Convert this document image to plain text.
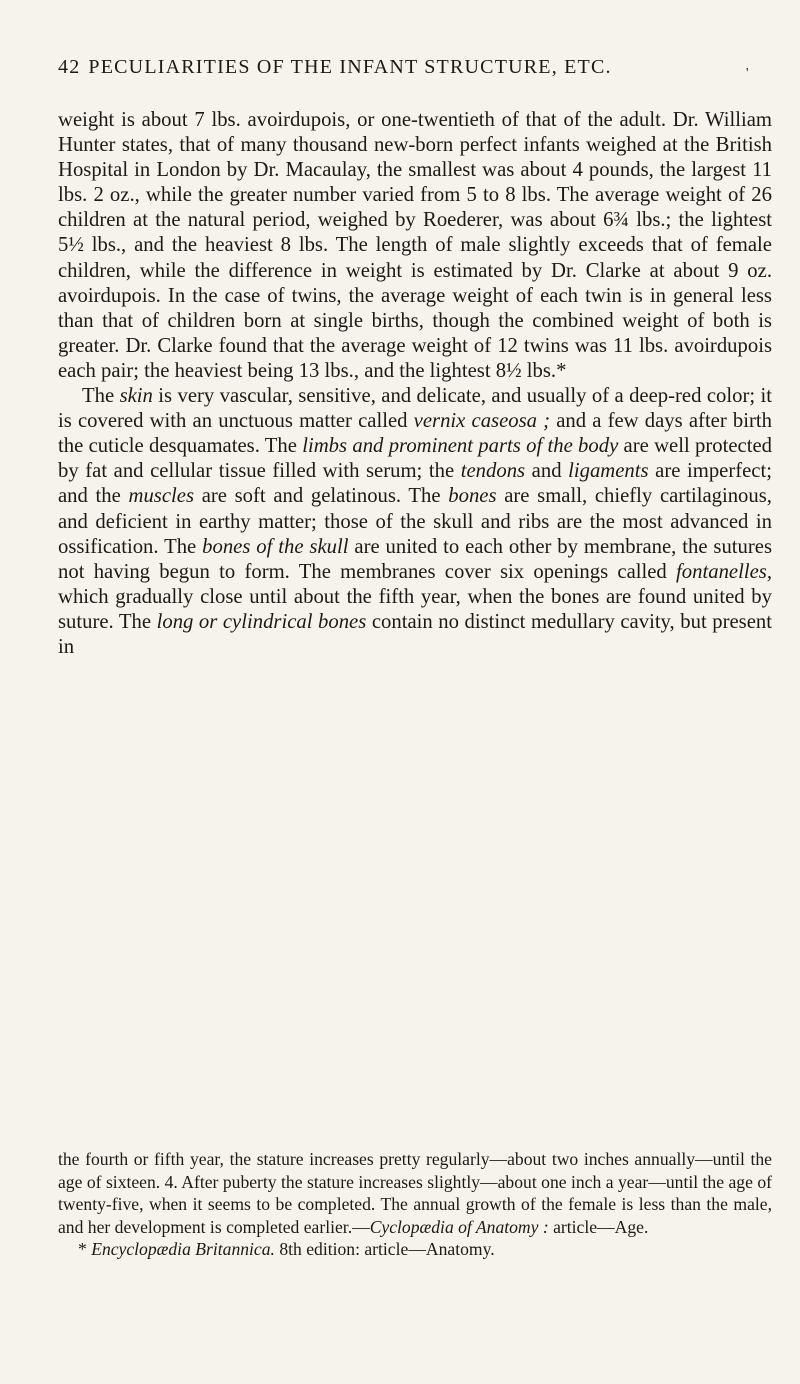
42 PECULIARITIES OF THE INFANT STRUCTURE, ETC.	'

weight is about 7 lbs. avoirdupois, or one-twentieth of that of the adult. Dr. William Hunter states, that of many thousand new-born perfect infants weighed at the British Hospital in London by Dr. Macaulay, the smallest was about 4 pounds, the largest 11 lbs. 2 oz., while the greater number varied from 5 to 8 lbs. The average weight of 26 children at the natural period, weighed by Roederer, was about 6¾ lbs.; the lightest 5½ lbs., and the heaviest 8 lbs. The length of male slightly exceeds that of female children, while the difference in weight is estimated by Dr. Clarke at about 9 oz. avoirdupois. In the case of twins, the average weight of each twin is in general less than that of children born at single births, though the combined weight of both is greater. Dr. Clarke found that the average weight of 12 twins was 11 lbs. avoirdupois each pair; the heaviest being 13 lbs., and the lightest 8½ lbs.*

The skin is very vascular, sensitive, and delicate, and usually of a deep-red color; it is covered with an unctuous matter called vernix caseosa ; and a few days after birth the cuticle desquamates. The limbs and prominent parts of the body are well protected by fat and cellular tissue filled with serum; the tendons and ligaments are imperfect; and the muscles are soft and gelatinous. The bones are small, chiefly cartilaginous, and deficient in earthy matter; those of the skull and ribs are the most advanced in ossification. The bones of the skull are united to each other by membrane, the sutures not having begun to form. The membranes cover six openings called fontanelles, which gradually close until about the fifth year, when the bones are found united by suture. The long or cylindrical bones contain no distinct medullary cavity, but present in

the fourth or fifth year, the stature increases pretty regularly—about two inches annually—until the age of sixteen. 4. After puberty the stature increases slightly—about one inch a year—until the age of twenty-five, when it seems to be completed. The annual growth of the female is less than the male, and her development is completed earlier.—Cyclopædia of Anatomy : article—Age.

* Encyclopædia Britannica. 8th edition: article—Anatomy.
